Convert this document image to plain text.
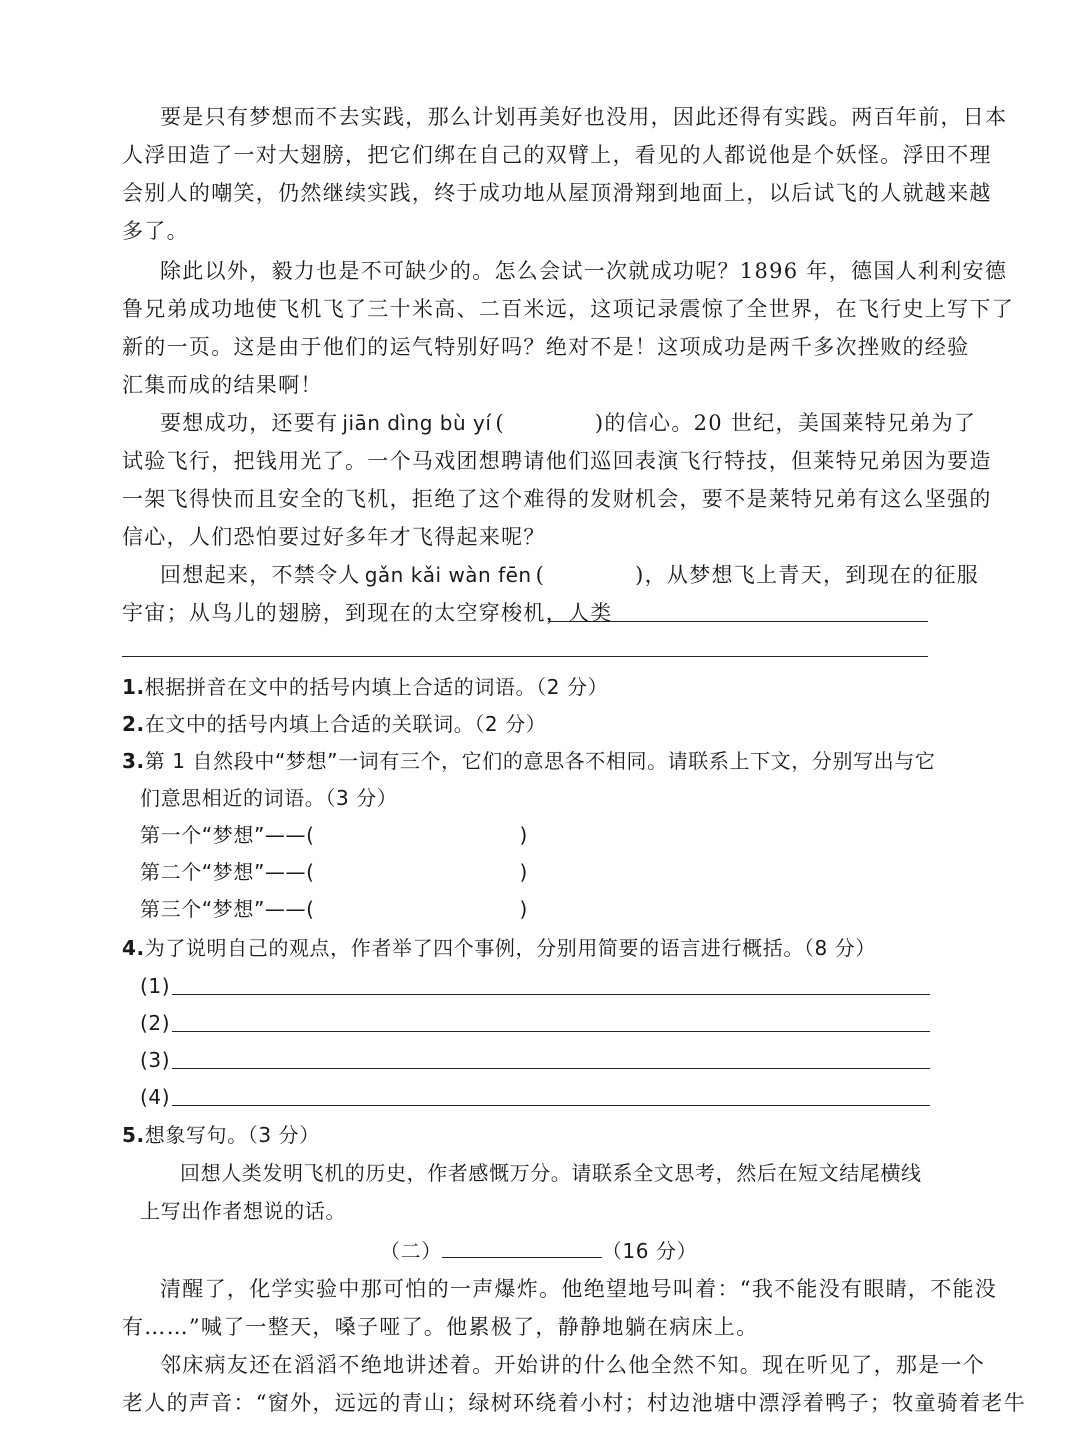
要是只有梦想而不去实践，那么计划再美好也没用，因此还得有实践。两百年前，日本
人浮田造了一对大翅膀，把它们绑在自己的双臂上，看见的人都说他是个妖怪。浮田不理
会别人的嘲笑，仍然继续实践，终于成功地从屋顶滑翔到地面上，以后试飞的人就越来越
多了。
除此以外，毅力也是不可缺少的。怎么会试一次就成功呢？1896 年，德国人利利安德
鲁兄弟成功地使飞机飞了三十米高、二百米远，这项记录震惊了全世界，在飞行史上写下了
新的一页。这是由于他们的运气特别好吗？绝对不是！这项成功是两千多次挫败的经验
汇集而成的结果啊！
要想成功，还要有 jiān dìng bù yí (	)的信心。20 世纪，美国莱特兄弟为了
试验飞行，把钱用光了。一个马戏团想聘请他们巡回表演飞行特技，但莱特兄弟因为要造
一架飞得快而且安全的飞机，拒绝了这个难得的发财机会，要不是莱特兄弟有这么坚强的
信心，人们恐怕要过好多年才飞得起来呢？
回想起来，不禁令人 gǎn kǎi wàn fēn (	)，从梦想飞上青天，到现在的征服
宇宙；从鸟儿的翅膀，到现在的太空穿梭机，人类
1.根据拼音在文中的括号内填上合适的词语。（2 分）
2.在文中的括号内填上合适的关联词。（2 分）
3.第 1 自然段中“梦想”一词有三个，它们的意思各不相同。请联系上下文，分别写出与它
们意思相近的词语。（3 分）
第一个“梦想”——(	)
第二个“梦想”——(	)
第三个“梦想”——(	)
4.为了说明自己的观点，作者举了四个事例，分别用简要的语言进行概括。（8 分）
(1)
(2)
(3)
(4)
5.想象写句。（3 分）
回想人类发明飞机的历史，作者感慨万分。请联系全文思考，然后在短文结尾横线
上写出作者想说的话。
（二）	（16 分）
清醒了，化学实验中那可怕的一声爆炸。他绝望地号叫着：“我不能没有眼睛，不能没
有……”喊了一整天，嗓子哑了。他累极了，静静地躺在病床上。
邻床病友还在滔滔不绝地讲述着。开始讲的什么他全然不知。现在听见了，那是一个
老人的声音：“窗外，远远的青山；绿树环绕着小村；村边池塘中漂浮着鸭子；牧童骑着老牛
